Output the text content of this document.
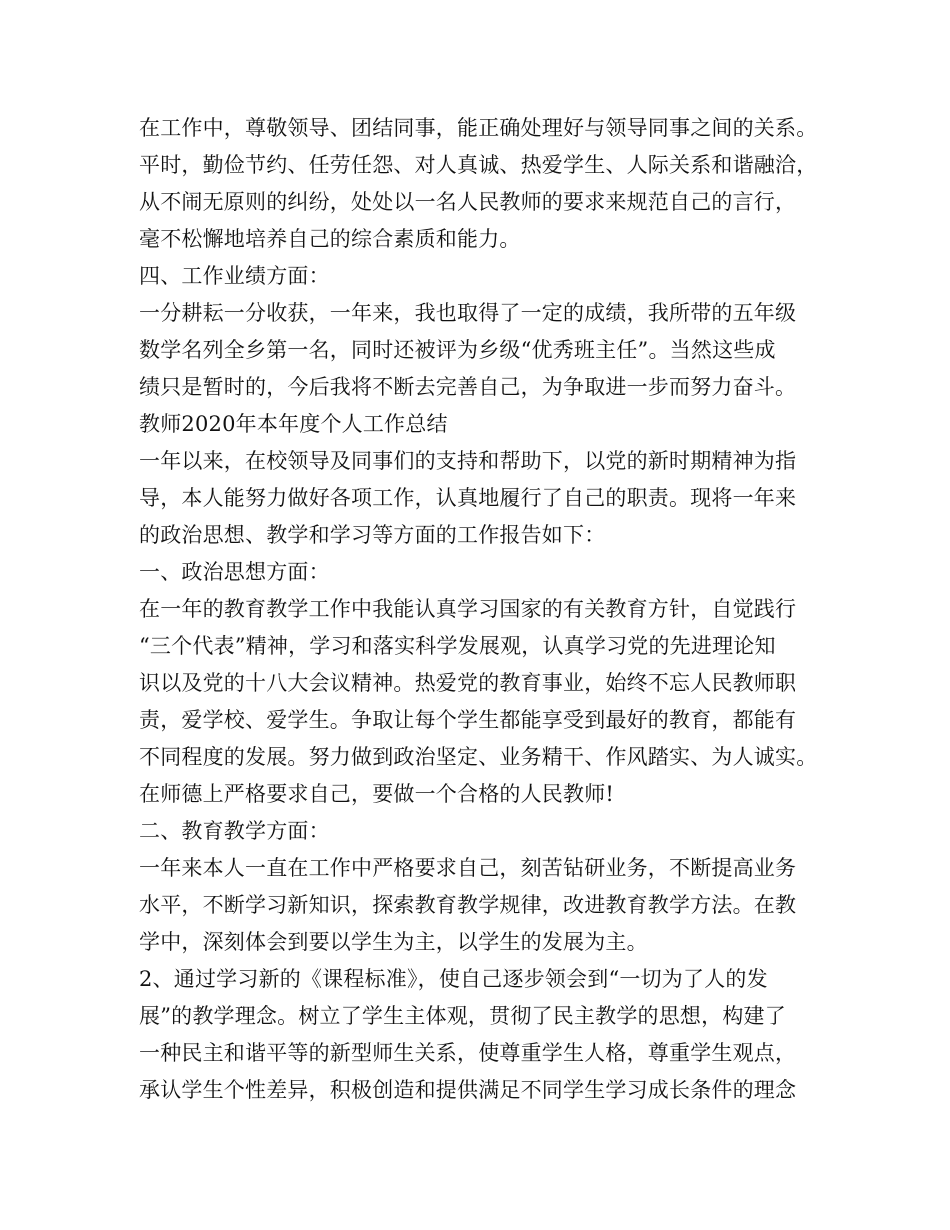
在工作中，尊敬领导、团结同事，能正确处理好与领导同事之间的关系。
平时，勤俭节约、任劳任怨、对人真诚、热爱学生、人际关系和谐融洽，
从不闹无原则的纠纷，处处以一名人民教师的要求来规范自己的言行，
毫不松懈地培养自己的综合素质和能力。
四、工作业绩方面：
一分耕耘一分收获，一年来，我也取得了一定的成绩，我所带的五年级
数学名列全乡第一名，同时还被评为乡级“优秀班主任”。当然这些成
绩只是暂时的，今后我将不断去完善自己，为争取进一步而努力奋斗。
教师2020年本年度个人工作总结
一年以来，在校领导及同事们的支持和帮助下，以党的新时期精神为指
导，本人能努力做好各项工作，认真地履行了自己的职责。现将一年来
的政治思想、教学和学习等方面的工作报告如下：
一、政治思想方面：
在一年的教育教学工作中我能认真学习国家的有关教育方针，自觉践行
“三个代表”精神，学习和落实科学发展观，认真学习党的先进理论知
识以及党的十八大会议精神。热爱党的教育事业，始终不忘人民教师职
责，爱学校、爱学生。争取让每个学生都能享受到最好的教育，都能有
不同程度的发展。努力做到政治坚定、业务精干、作风踏实、为人诚实。
在师德上严格要求自己，要做一个合格的人民教师!
二、教育教学方面：
一年来本人一直在工作中严格要求自己，刻苦钻研业务，不断提高业务
水平，不断学习新知识，探索教育教学规律，改进教育教学方法。在教
学中，深刻体会到要以学生为主，以学生的发展为主。
2、通过学习新的《课程标准》，使自己逐步领会到“一切为了人的发
展”的教学理念。树立了学生主体观，贯彻了民主教学的思想，构建了
一种民主和谐平等的新型师生关系，使尊重学生人格，尊重学生观点，
承认学生个性差异，积极创造和提供满足不同学生学习成长条件的理念
